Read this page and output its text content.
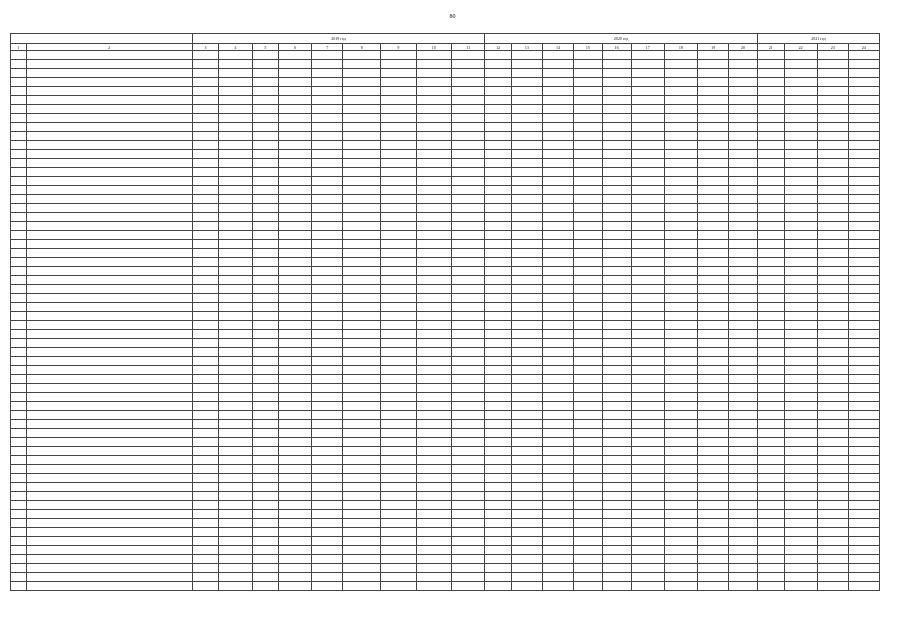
80
		2019 год									2020 год									2021 год			
1	2	3	4	5	6	7	8	9	10	11	12	13	14	15	16	17	18	19	20	21	22	23	24
